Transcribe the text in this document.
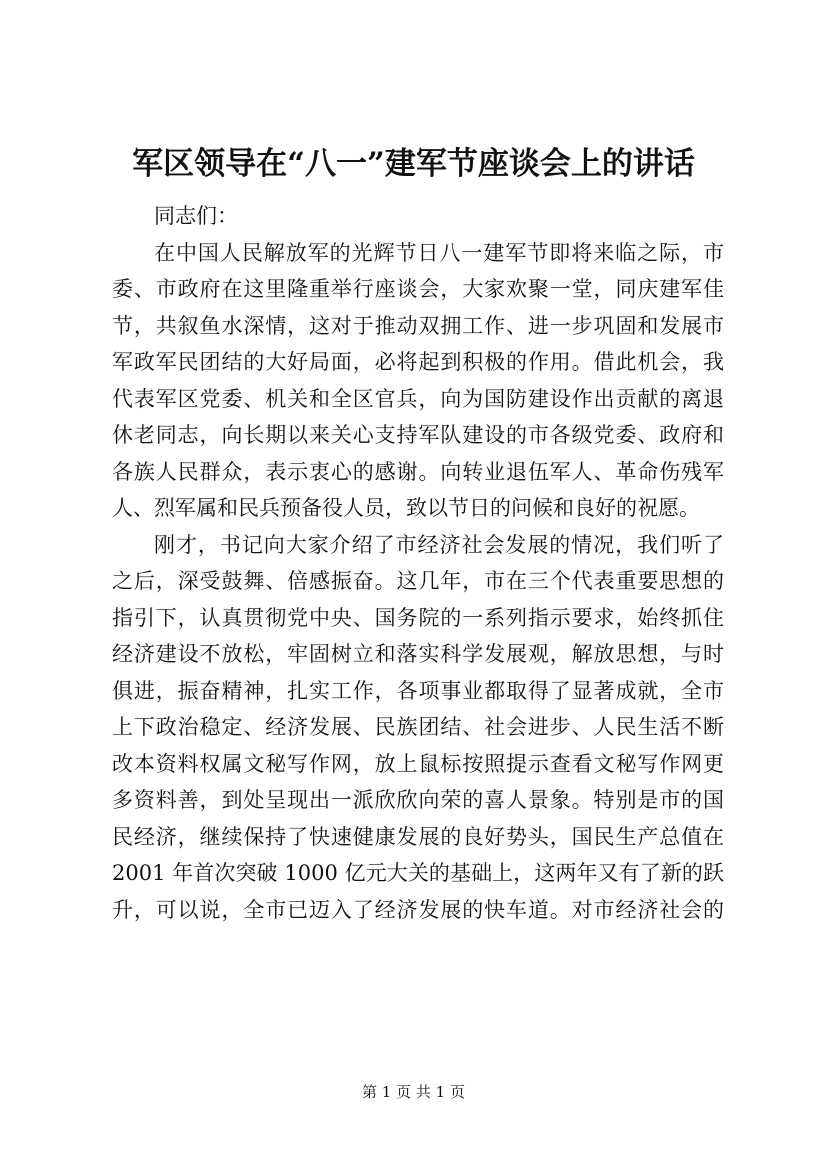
军区领导在“八一”建军节座谈会上的讲话
同志们：
在中国人民解放军的光辉节日八一建军节即将来临之际，市
委、市政府在这里隆重举行座谈会，大家欢聚一堂，同庆建军佳
节，共叙鱼水深情，这对于推动双拥工作、进一步巩固和发展市
军政军民团结的大好局面，必将起到积极的作用。借此机会，我
代表军区党委、机关和全区官兵，向为国防建设作出贡献的离退
休老同志，向长期以来关心支持军队建设的市各级党委、政府和
各族人民群众，表示衷心的感谢。向转业退伍军人、革命伤残军
人、烈军属和民兵预备役人员，致以节日的问候和良好的祝愿。
刚才，书记向大家介绍了市经济社会发展的情况，我们听了
之后，深受鼓舞、倍感振奋。这几年，市在三个代表重要思想的
指引下，认真贯彻党中央、国务院的一系列指示要求，始终抓住
经济建设不放松，牢固树立和落实科学发展观，解放思想，与时
俱进，振奋精神，扎实工作，各项事业都取得了显著成就，全市
上下政治稳定、经济发展、民族团结、社会进步、人民生活不断
改本资料权属文秘写作网，放上鼠标按照提示查看文秘写作网更
多资料善，到处呈现出一派欣欣向荣的喜人景象。特别是市的国
民经济，继续保持了快速健康发展的良好势头，国民生产总值在
2001 年首次突破 1000 亿元大关的基础上，这两年又有了新的跃
升，可以说，全市已迈入了经济发展的快车道。对市经济社会的
第 1 页 共 1 页
